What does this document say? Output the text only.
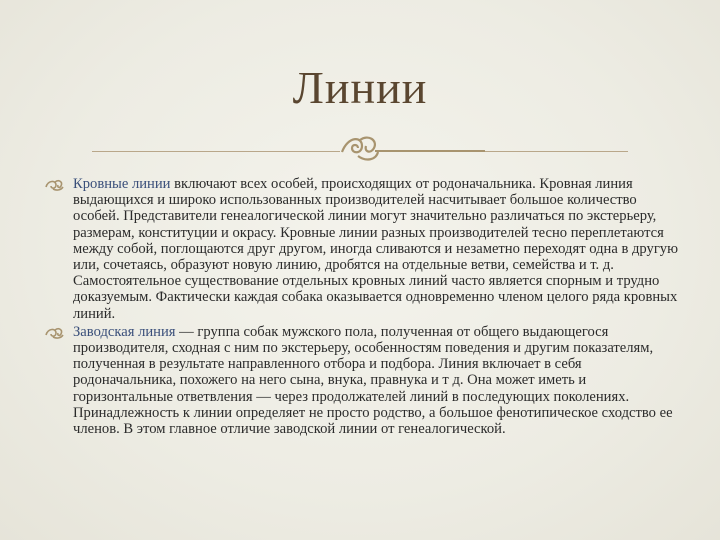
Линии
Кровные линии включают всех особей, происходящих от родоначальника. Кровная линия выдающихся и широко использованных производителей насчитывает большое количество особей. Представители генеалогической линии могут значительно различаться по экстерьеру, размерам, конституции и окрасу. Кровные линии разных производителей тесно переплетаются между собой, поглощаются друг другом, иногда сливаются и незаметно переходят одна в другую или, сочетаясь, образуют новую линию, дробятся на отдельные ветви, семейства и т. д. Самостоятельное существование отдельных кровных линий часто является спорным и трудно доказуемым. Фактически каждая собака оказывается одновременно членом целого ряда кровных линий.
Заводская линия — группа собак мужского пола, полученная от общего выдающегося производителя, сходная с ним по экстерьеру, особенностям поведения и другим показателям, полученная в результате направленного отбора и подбора. Линия включает в себя родоначальника, похожего на него сына, внука, правнука и т д. Она может иметь и горизонтальные ответвления — через продолжателей линий в последующих поколениях. Принадлежность к линии определяет не просто родство, а большое фенотипическое сходство ее членов. В этом главное отличие заводской линии от генеалогической.
